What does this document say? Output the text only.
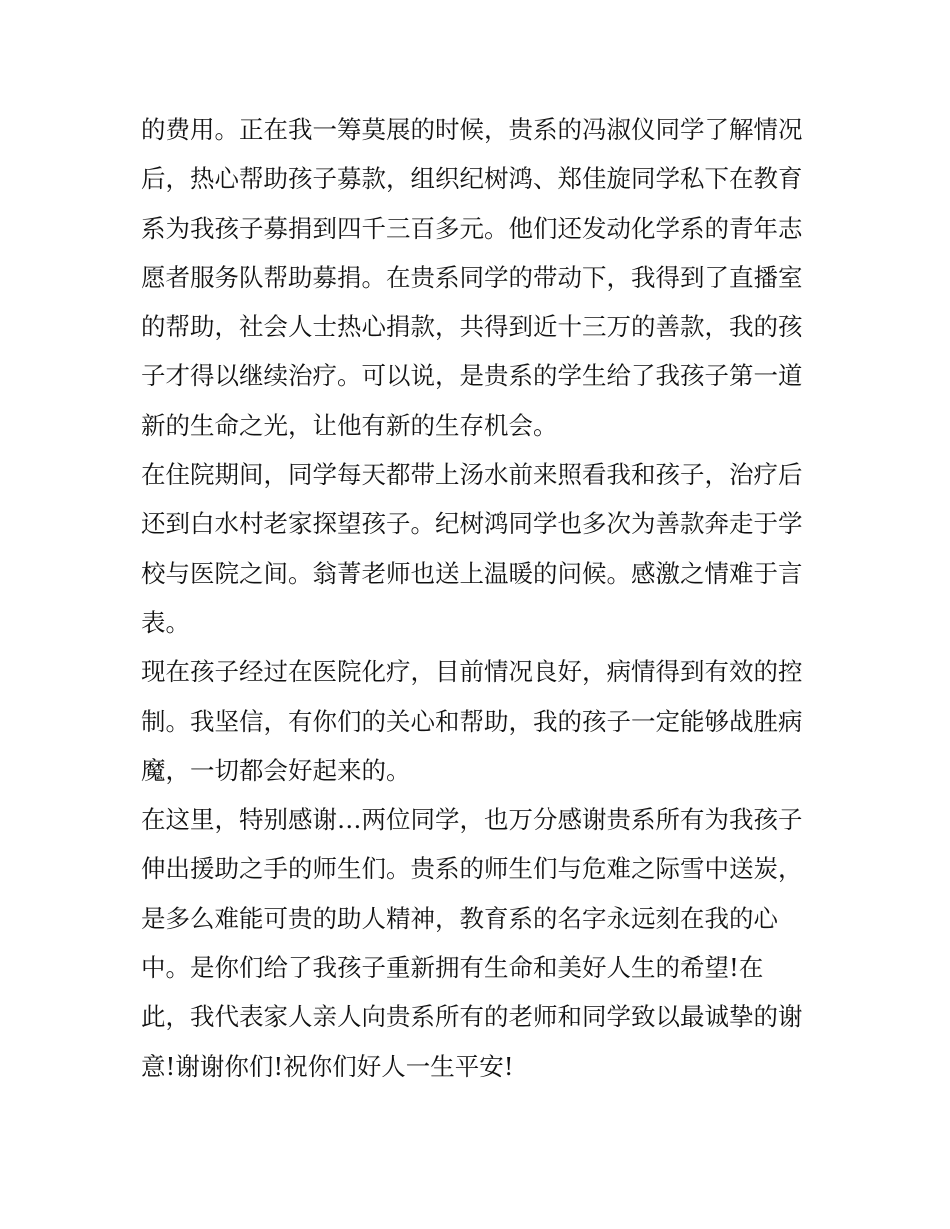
的费用。正在我一筹莫展的时候，贵系的冯淑仪同学了解情况
后，热心帮助孩子募款，组织纪树鸿、郑佳旋同学私下在教育
系为我孩子募捐到四千三百多元。他们还发动化学系的青年志
愿者服务队帮助募捐。在贵系同学的带动下，我得到了直播室
的帮助，社会人士热心捐款，共得到近十三万的善款，我的孩
子才得以继续治疗。可以说，是贵系的学生给了我孩子第一道
新的生命之光，让他有新的生存机会。
在住院期间，同学每天都带上汤水前来照看我和孩子，治疗后
还到白水村老家探望孩子。纪树鸿同学也多次为善款奔走于学
校与医院之间。翁菁老师也送上温暖的问候。感激之情难于言
表。
现在孩子经过在医院化疗，目前情况良好，病情得到有效的控
制。我坚信，有你们的关心和帮助，我的孩子一定能够战胜病
魔，一切都会好起来的。
在这里，特别感谢…两位同学，也万分感谢贵系所有为我孩子
伸出援助之手的师生们。贵系的师生们与危难之际雪中送炭，
是多么难能可贵的助人精神，教育系的名字永远刻在我的心
中。是你们给了我孩子重新拥有生命和美好人生的希望!在
此，我代表家人亲人向贵系所有的老师和同学致以最诚挚的谢
意!谢谢你们!祝你们好人一生平安!
